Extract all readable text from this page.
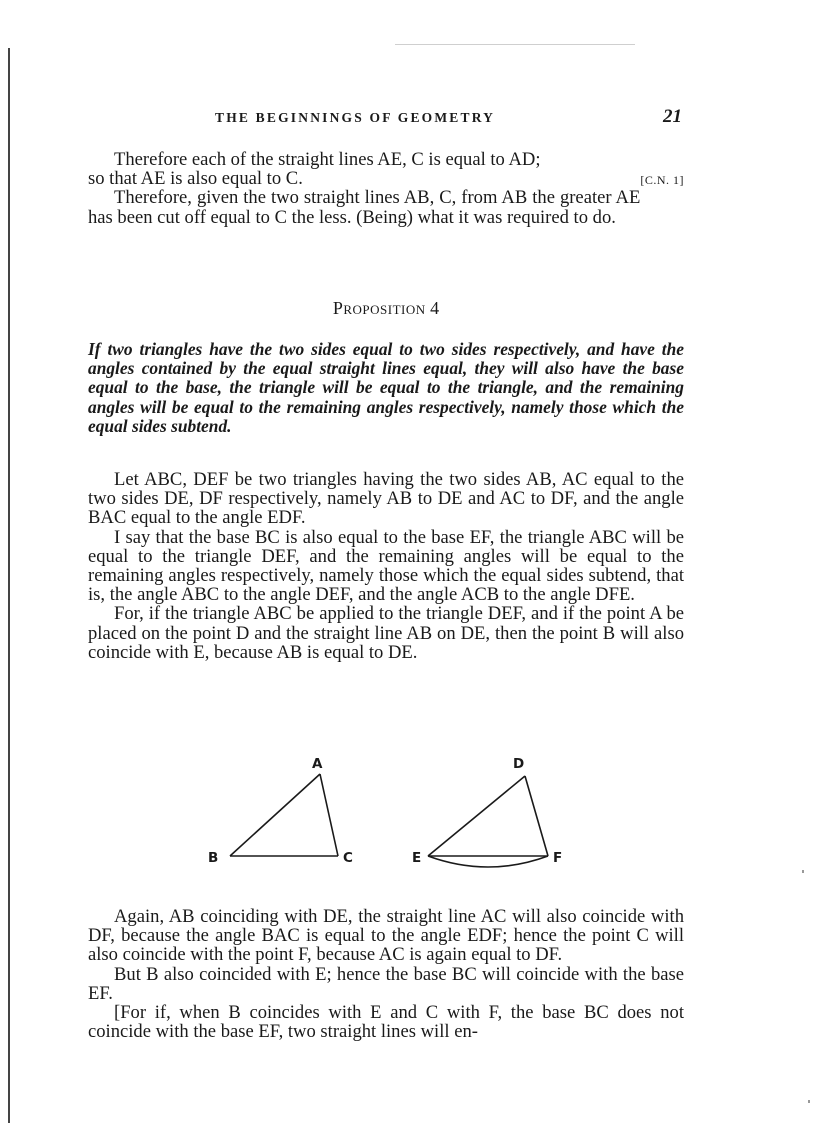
THE BEGINNINGS OF GEOMETRY	21

Therefore each of the straight lines AE, C is equal to AD;

so that AE is also equal to C.	[C.N. 1]

Therefore, given the two straight lines AB, C, from AB the greater AE has been cut off equal to C the less. (Being) what it was required to do.

Proposition 4

If two triangles have the two sides equal to two sides respectively, and have the angles contained by the equal straight lines equal, they will also have the base equal to the base, the triangle will be equal to the triangle, and the remaining angles will be equal to the remaining angles respectively, namely those which the equal sides subtend.

Let ABC, DEF be two triangles having the two sides AB, AC equal to the two sides DE, DF respectively, namely AB to DE and AC to DF, and the angle BAC equal to the angle EDF.

I say that the base BC is also equal to the base EF, the triangle ABC will be equal to the triangle DEF, and the remaining angles will be equal to the remaining angles respectively, namely those which the equal sides subtend, that is, the angle ABC to the angle DEF, and the angle ACB to the angle DFE.

For, if the triangle ABC be applied to the triangle DEF, and if the point A be placed on the point D and the straight line AB on DE, then the point B will also coincide with E, because AB is equal to DE.

A
B	C
D
E	F

Again, AB coinciding with DE, the straight line AC will also coincide with DF, because the angle BAC is equal to the angle EDF; hence the point C will also coincide with the point F, because AC is again equal to DF.

But B also coincided with E; hence the base BC will coincide with the base EF.

[For if, when B coincides with E and C with F, the base BC does not coincide with the base EF, two straight lines will en-
